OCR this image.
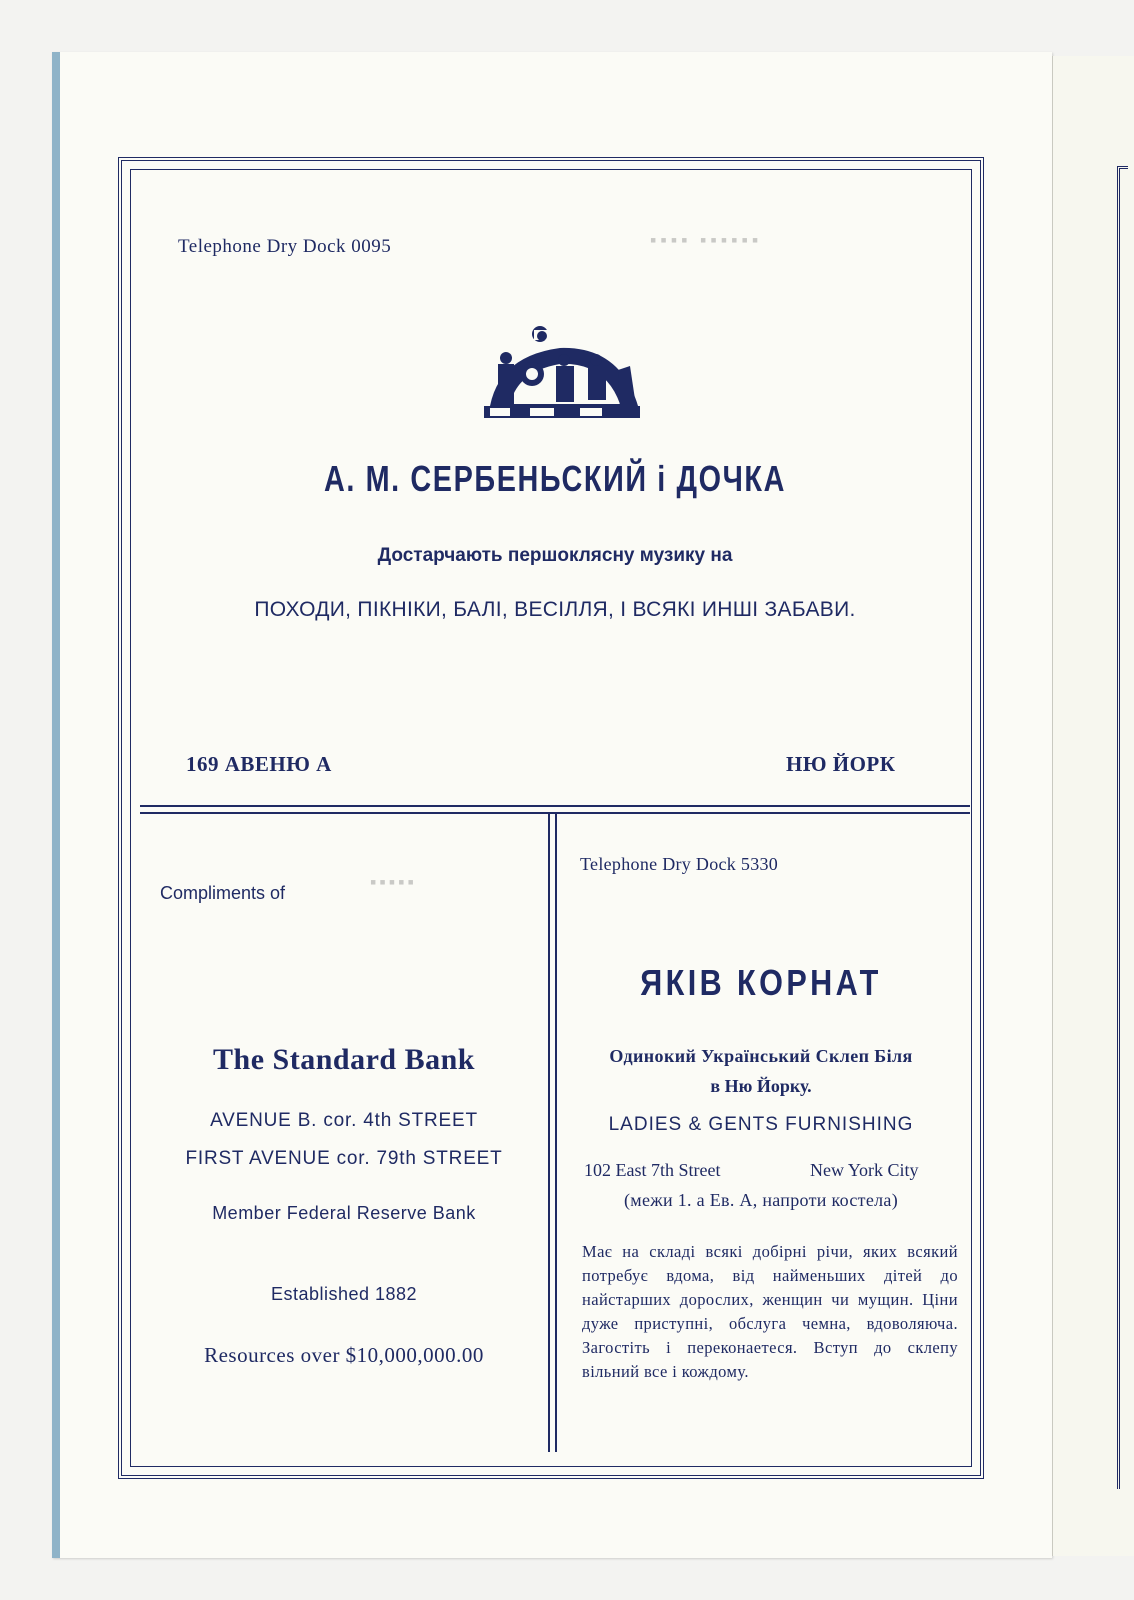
▪▪▪▪ ▪▪▪▪▪▪
▪▪▪▪▪
Telephone Dry Dock 0095
А. М. СЕРБЕНЬСКИЙ і ДОЧКА
Достарчають першоклясну музику на
ПОХОДИ, ПІКНІКИ, БАЛІ, ВЕСІЛЛЯ, І ВСЯКІ ИНШІ ЗАБАВИ.
169 АВЕНЮ А	НЮ ЙОРК
Compliments of
The Standard Bank
AVENUE B. cor. 4th STREET
FIRST AVENUE cor. 79th STREET
Member Federal Reserve Bank
Established 1882
Resources over $10,000,000.00
Telephone Dry Dock 5330
ЯКІВ КОРНАТ
Одинокий Український Склеп Біля
в Ню Йорку.
LADIES & GENTS FURNISHING
102 East 7th Street	New York City
(межи 1. а Ев. А, напроти костела)
Має на складі всякі добірні річи, яких всякий потребує вдома, від найменьших дітей до найстарших дорослих, женщин чи мущин. Ціни дуже приступні, обслуга чемна, вдоволяюча. Загостіть і переконаетеся. Вступ до склепу вільний все і кождому.
